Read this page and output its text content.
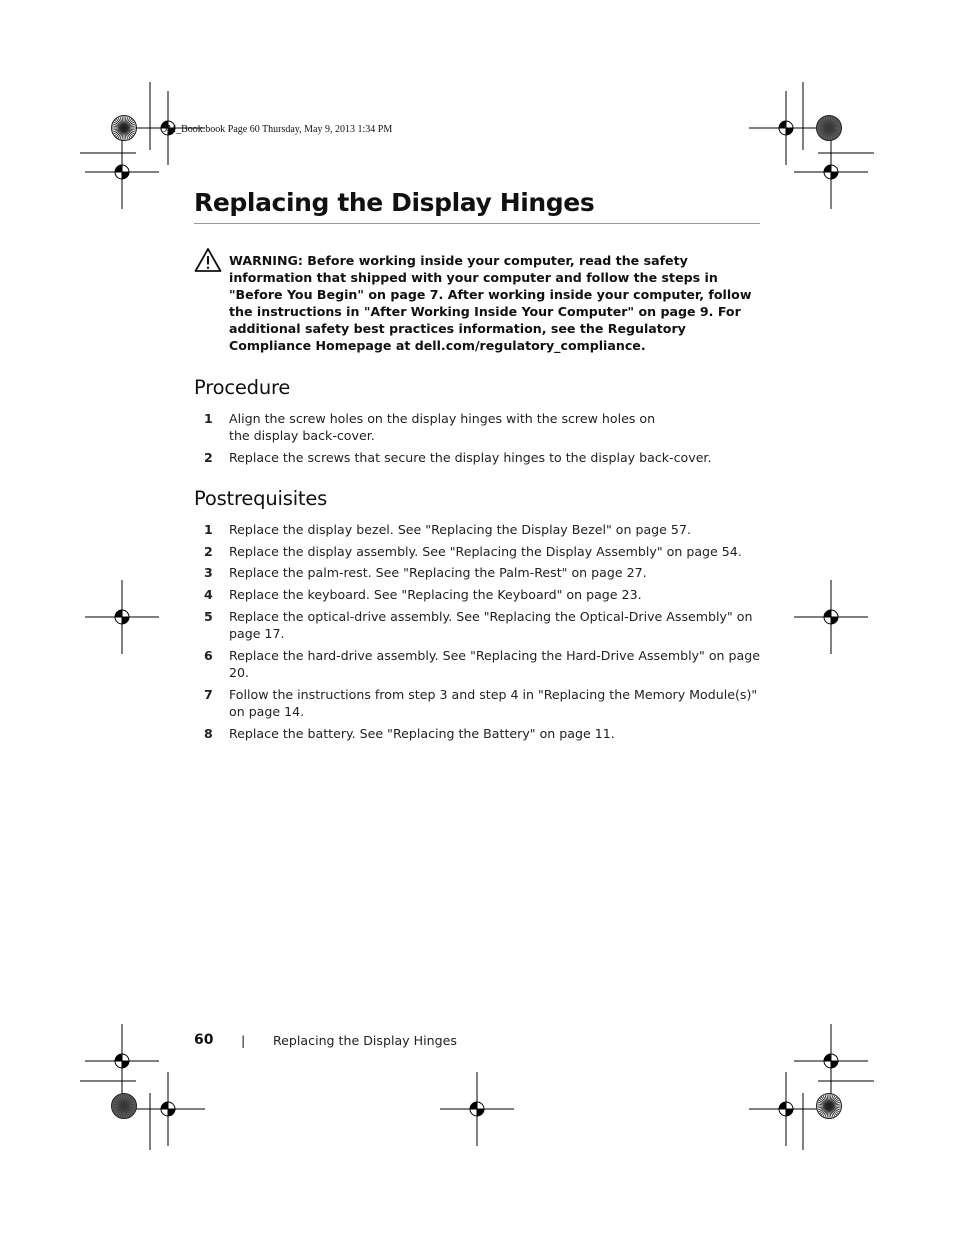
OM_Book.book Page 60 Thursday, May 9, 2013 1:34 PM
Replacing the Display Hinges
WARNING: Before working inside your computer, read the safety information that shipped with your computer and follow the steps in "Before You Begin" on page 7. After working inside your computer, follow the instructions in "After Working Inside Your Computer" on page 9. For additional safety best practices information, see the Regulatory Compliance Homepage at dell.com/regulatory_compliance.
Procedure
1 Align the screw holes on the display hinges with the screw holes on
the display back-cover.
2 Replace the screws that secure the display hinges to the display back-cover.
Postrequisites
1 Replace the display bezel. See "Replacing the Display Bezel" on page 57.
2 Replace the display assembly. See "Replacing the Display Assembly" on page 54.
3 Replace the palm-rest. See "Replacing the Palm-Rest" on page 27.
4 Replace the keyboard. See "Replacing the Keyboard" on page 23.
5 Replace the optical-drive assembly. See "Replacing the Optical-Drive Assembly" on page 17.
6 Replace the hard-drive assembly. See "Replacing the Hard-Drive Assembly" on page 20.
7 Follow the instructions from step 3 and step 4 in "Replacing the Memory Module(s)" on page 14.
8 Replace the battery. See "Replacing the Battery" on page 11.
60 | Replacing the Display Hinges
